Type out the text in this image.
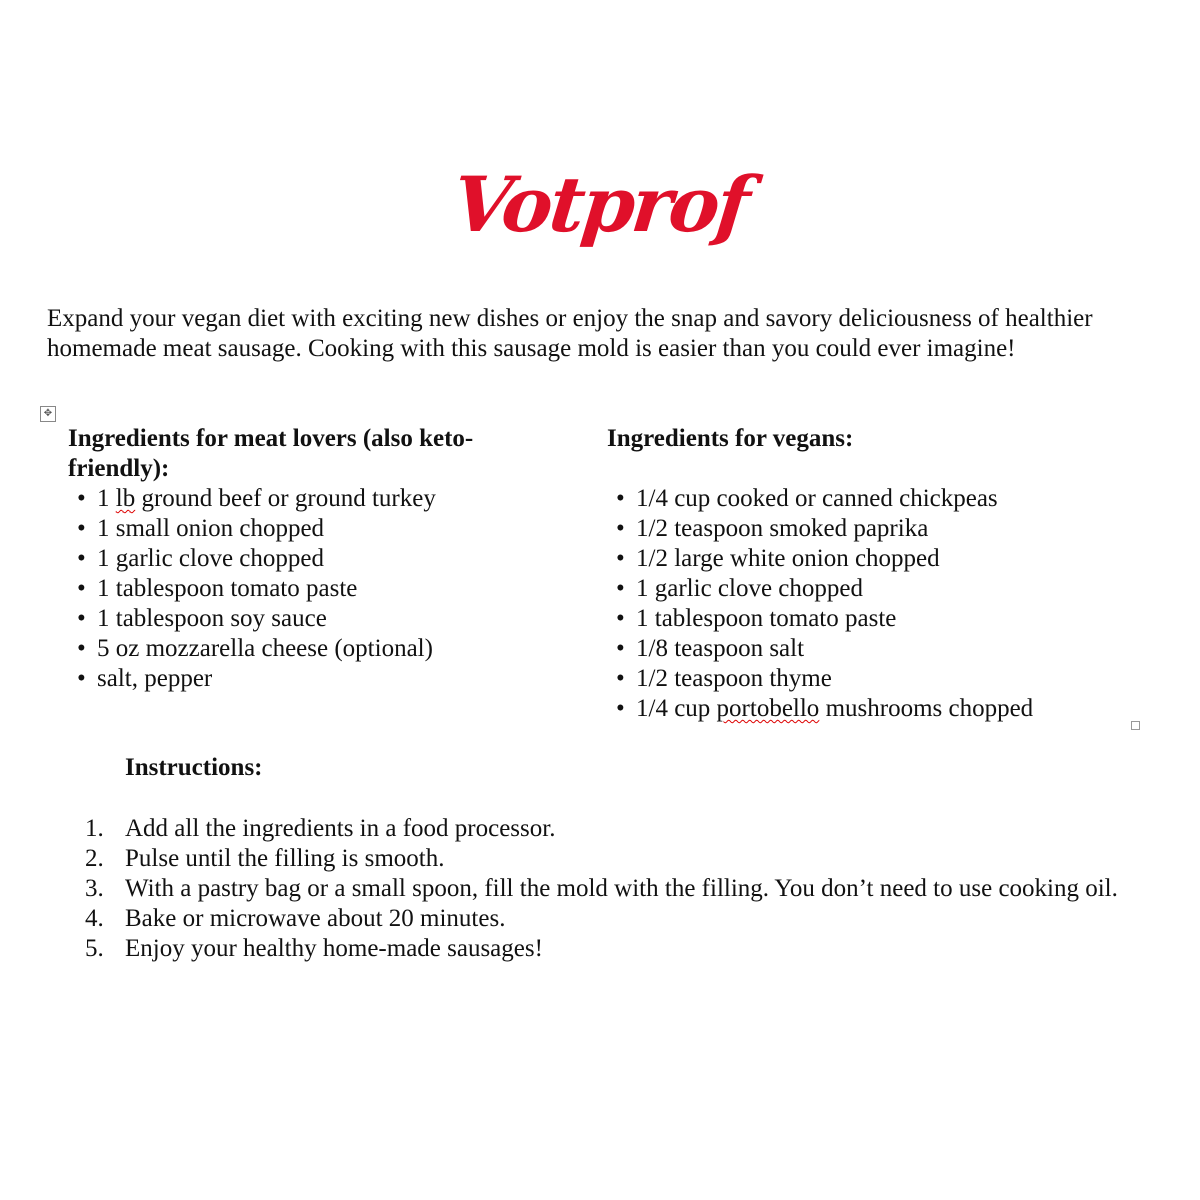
Votprof
Expand your vegan diet with exciting new dishes or enjoy the snap and savory deliciousness of healthier homemade meat sausage. Cooking with this sausage mold is easier than you could ever imagine!
✥
Ingredients for meat lovers (also keto-friendly):
• 1 lb ground beef or ground turkey
• 1 small onion chopped
• 1 garlic clove chopped
• 1 tablespoon tomato paste
• 1 tablespoon soy sauce
• 5 oz mozzarella cheese (optional)
• salt, pepper
Ingredients for vegans:
• 1/4 cup cooked or canned chickpeas
• 1/2 teaspoon smoked paprika
• 1/2 large white onion chopped
• 1 garlic clove chopped
• 1 tablespoon tomato paste
• 1/8 teaspoon salt
• 1/2 teaspoon thyme
• 1/4 cup portobello mushrooms chopped
Instructions:
1. Add all the ingredients in a food processor.
2. Pulse until the filling is smooth.
3. With a pastry bag or a small spoon, fill the mold with the filling. You don’t need to use cooking oil.
4. Bake or microwave about 20 minutes.
5. Enjoy your healthy home-made sausages!
